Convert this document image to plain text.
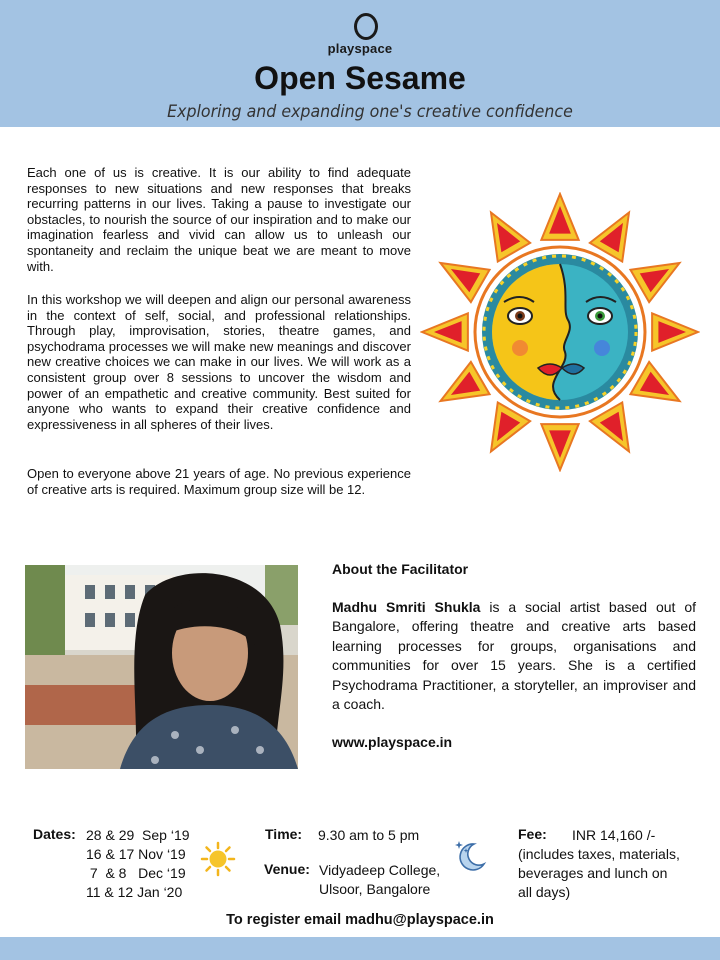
playspace
Open Sesame
Exploring and expanding one's creative confidence

Each one of us is creative. It is our ability to find adequate responses to new situations and new responses that breaks recurring patterns in our lives. Taking a pause to investigate our obstacles, to nourish the source of our inspiration and to make our imagination fearless and vivid can allow us to unleash our spontaneity and reclaim the unique beat we are meant to move with.

In this workshop we will deepen and align our personal awareness in the context of self, social, and professional relationships. Through play, improvisation, stories, theatre games, and psychodrama processes we will make new meanings and discover new creative choices we can make in our lives. We will work as a consistent group over 8 sessions to uncover the wisdom and power of an empathetic and creative community. Best suited for anyone who wants to expand their creative confidence and expressiveness in all spheres of their lives.

Open to everyone above 21 years of age. No previous experience of creative arts is required. Maximum group size will be 12.

About the Facilitator

Madhu Smriti Shukla is a social artist based out of Bangalore, offering theatre and creative arts based learning processes for groups, organisations and communities for over 15 years. She is a certified Psychodrama Practitioner, a storyteller, an improviser and a coach.

www.playspace.in
Dates: 28 & 29  Sep ‘19
16 & 17 Nov ‘19
7  & 8   Dec ‘19
11 & 12 Jan ‘20
Time: 9.30 am to 5 pm
Venue: Vidyadeep College,
Ulsoor, Bangalore
Fee: INR 14,160 /-
(includes taxes, materials, beverages and lunch on all days)
To register email madhu@playspace.in
